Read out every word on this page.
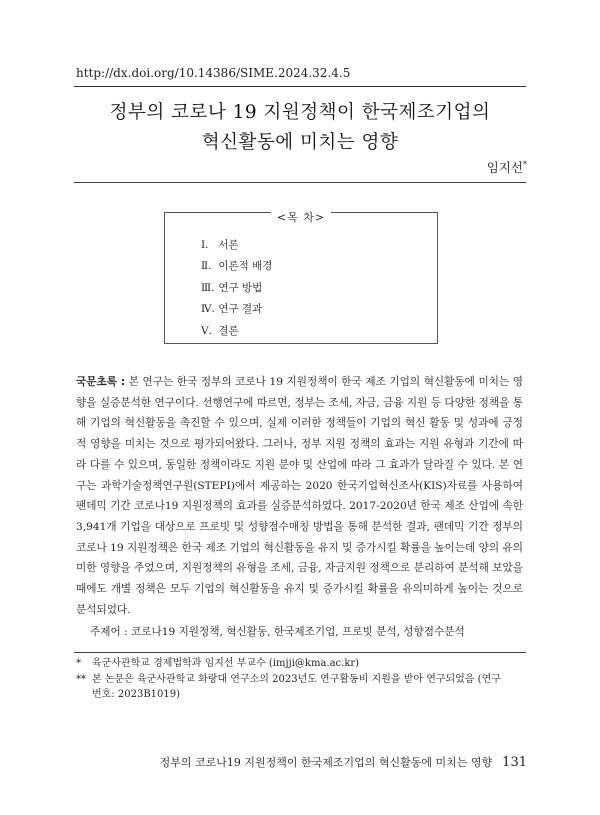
http://dx.doi.org/10.14386/SIME.2024.32.4.5
정부의 코로나 19 지원정책이 한국제조기업의
혁신활동에 미치는 영향
임지선*
<목 차>
Ⅰ. 서론
Ⅱ. 이론적 배경
Ⅲ. 연구 방법
Ⅳ. 연구 결과
Ⅴ. 결론
국문초록 : 본 연구는 한국 정부의 코로나 19 지원정책이 한국 제조 기업의 혁신활동에 미치는 영향을 실증분석한 연구이다. 선행연구에 따르면, 정부는 조세, 자금, 금융 지원 등 다양한 정책을 통해 기업의 혁신활동을 촉진할 수 있으며, 실제 이러한 정책들이 기업의 혁신 활동 및 성과에 긍정적 영향을 미치는 것으로 평가되어왔다. 그러나, 정부 지원 정책의 효과는 지원 유형과 기간에 따라 다를 수 있으며, 동일한 정책이라도 지원 분야 및 산업에 따라 그 효과가 달라질 수 있다. 본 연구는 과학기술정책연구원(STEPI)에서 제공하는 2020 한국기업혁신조사(KIS)자료를 사용하여 팬데믹 기간 코로나19 지원정책의 효과를 실증분석하였다. 2017-2020년 한국 제조 산업에 속한 3,941개 기업을 대상으로 프로빗 및 성향점수매칭 방법을 통해 분석한 결과, 팬데믹 기간 정부의 코로나 19 지원정책은 한국 제조 기업의 혁신활동을 유지 및 증가시킬 확률을 높이는데 양의 유의미한 영향을 주었으며, 지원정책의 유형을 조세, 금융, 자금지원 정책으로 분리하여 분석해 보았을 때에도 개별 정책은 모두 기업의 혁신활동을 유지 및 증가시킬 확률을 유의미하게 높이는 것으로 분석되었다.
주제어 : 코로나19 지원정책, 혁신활동, 한국제조기업, 프로빗 분석, 성향점수분석
* 육군사관학교 경제법학과 임지선 부교수 (imjji@kma.ac.kr)
** 본 논문은 육군사관학교 화랑대 연구소의 2023년도 연구활동비 지원을 받아 연구되었음 (연구
번호: 2023B1019)
정부의 코로나19 지원정책이 한국제조기업의 혁신활동에 미치는 영향 131
